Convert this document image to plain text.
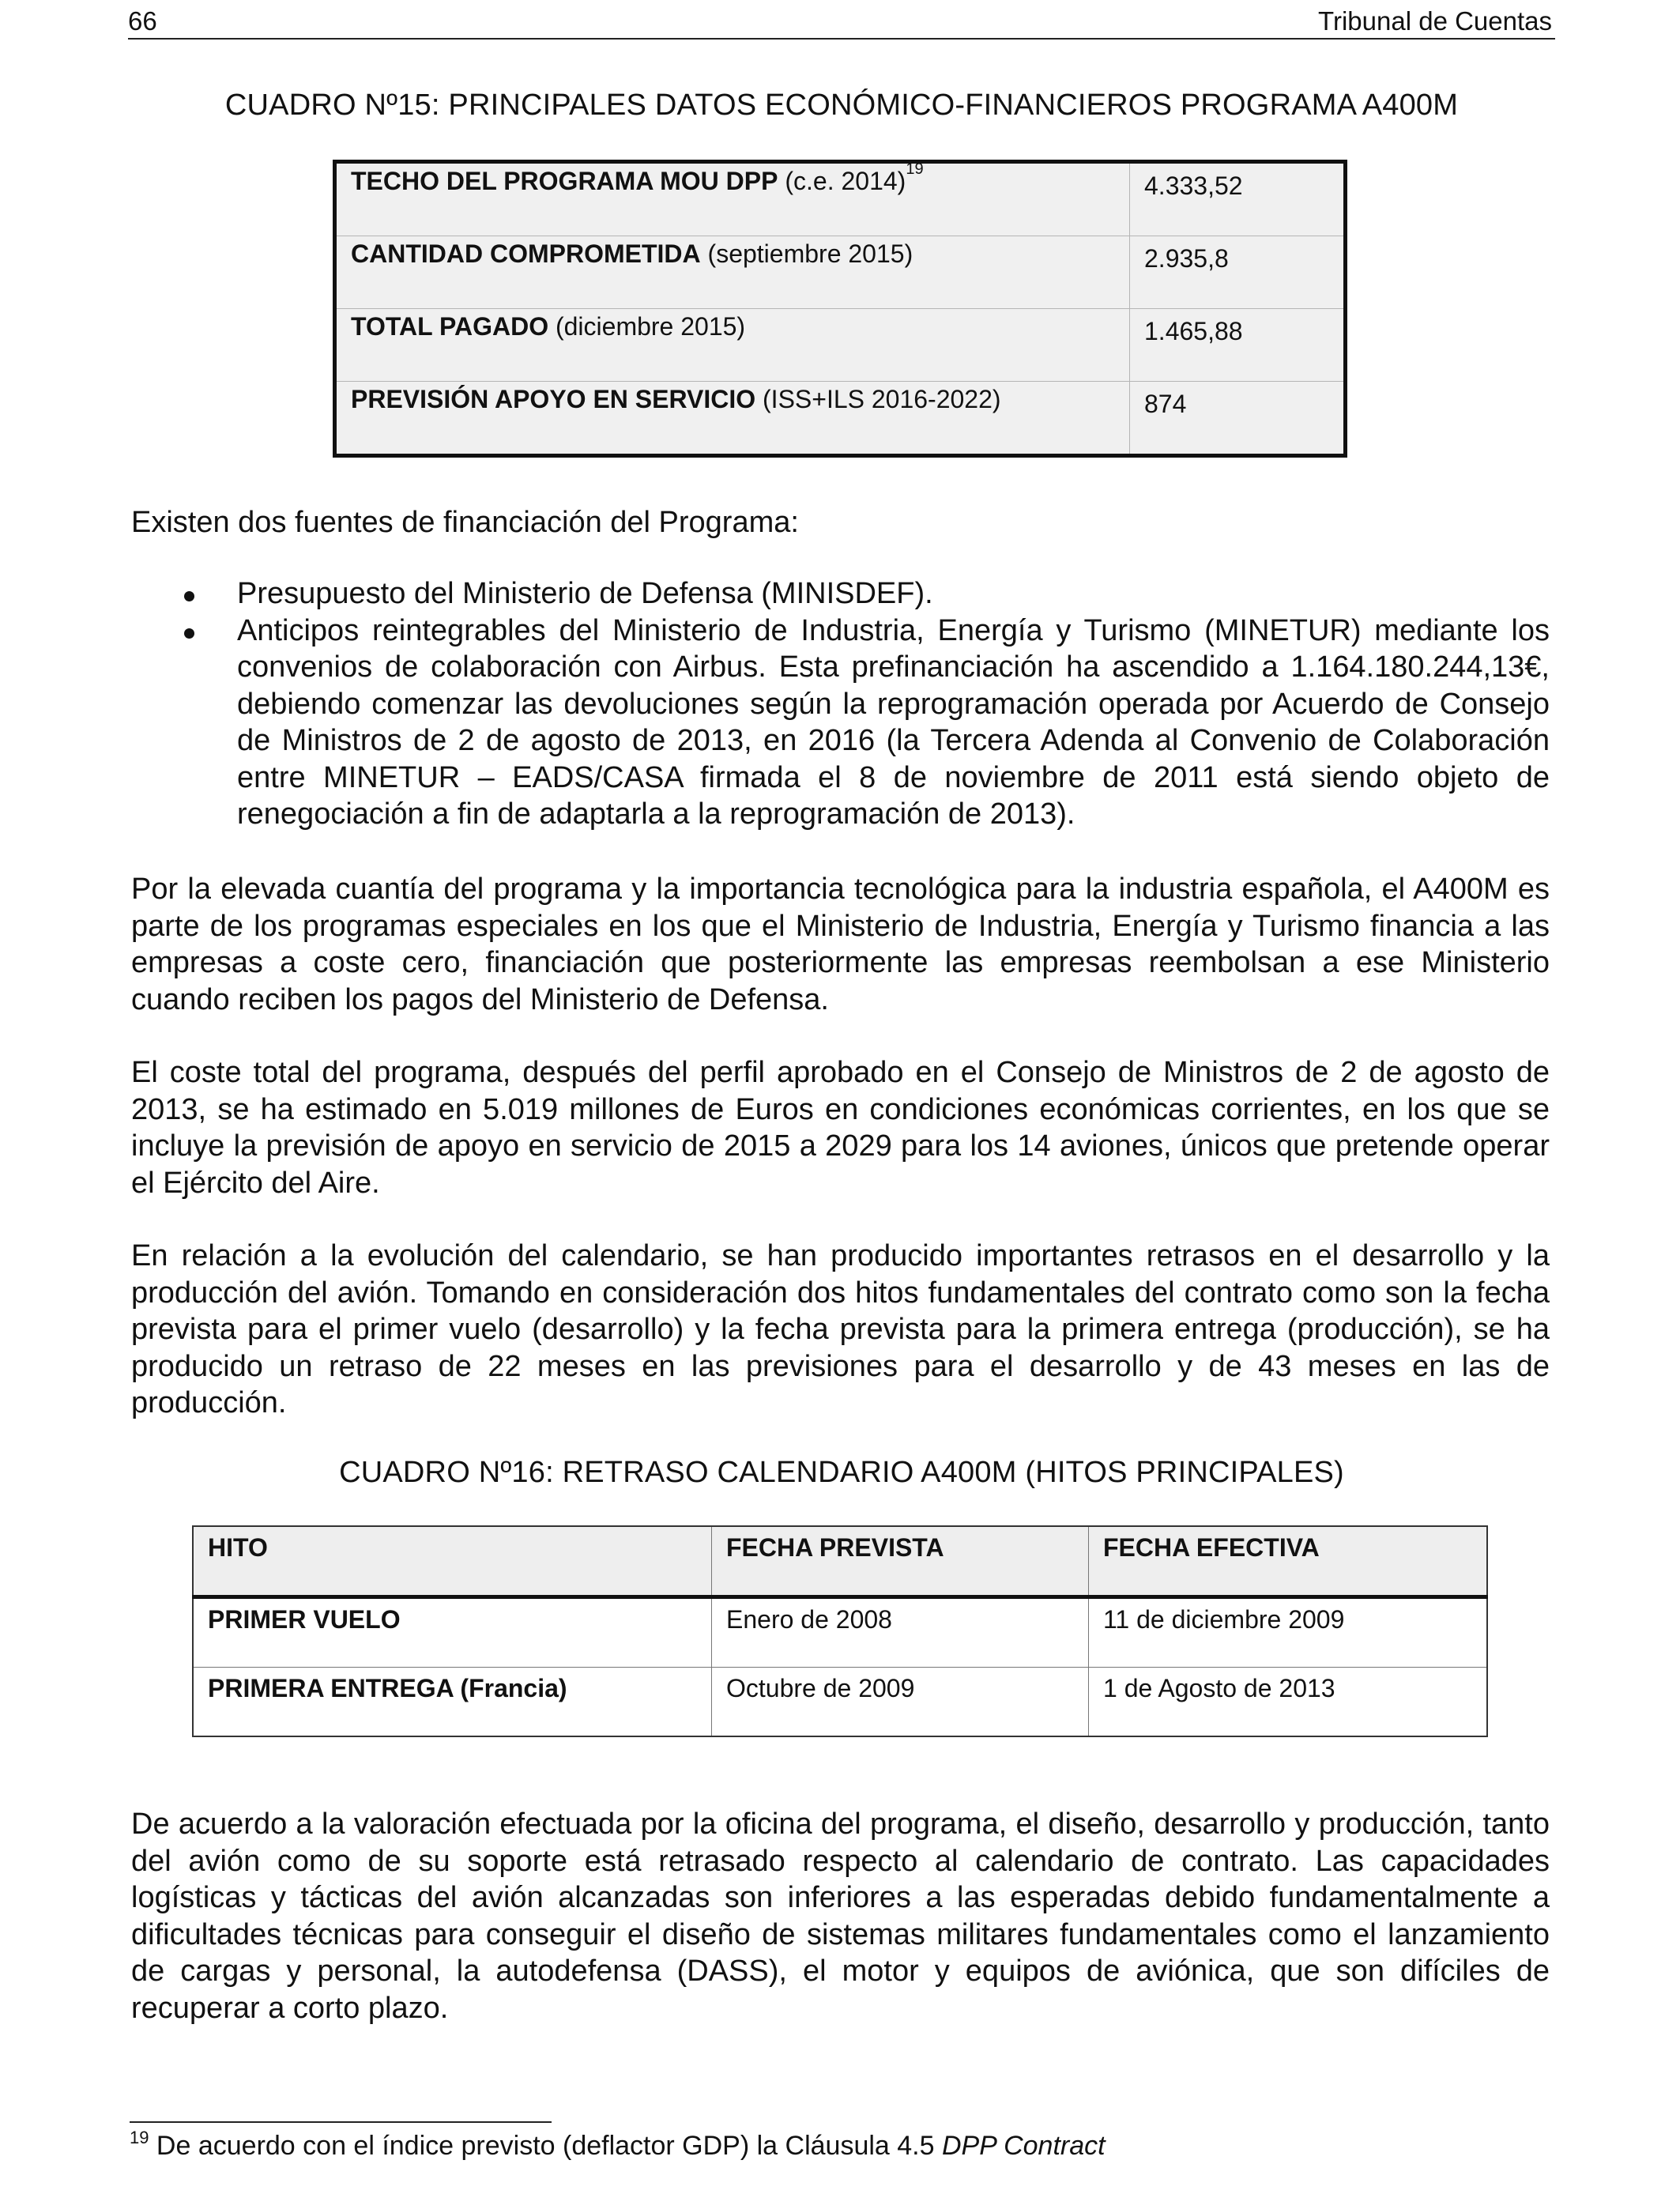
66	Tribunal de Cuentas
CUADRO Nº15: PRINCIPALES DATOS ECONÓMICO-FINANCIEROS PROGRAMA A400M
TECHO DEL PROGRAMA MOU DPP (c.e. 2014)$^{19}$	4.333,52
CANTIDAD COMPROMETIDA (septiembre 2015)	2.935,8
TOTAL PAGADO (diciembre 2015)	1.465,88
PREVISIÓN APOYO EN SERVICIO (ISS+ILS 2016-2022)	874
Existen dos fuentes de financiación del Programa:
Presupuesto del Ministerio de Defensa (MINISDEF).
Anticipos reintegrables del Ministerio de Industria, Energía y Turismo (MINETUR) mediante los convenios de colaboración con Airbus. Esta prefinanciación ha ascendido a 1.164.180.244,13€, debiendo comenzar las devoluciones según la reprogramación operada por Acuerdo de Consejo de Ministros de 2 de agosto de 2013, en 2016 (la Tercera Adenda al Convenio de Colaboración entre MINETUR – EADS/CASA firmada el 8 de noviembre de 2011 está siendo objeto de renegociación a fin de adaptarla a la reprogramación de 2013).
Por la elevada cuantía del programa y la importancia tecnológica para la industria española, el A400M es parte de los programas especiales en los que el Ministerio de Industria, Energía y Turismo financia a las empresas a coste cero, financiación que posteriormente las empresas reembolsan a ese Ministerio cuando reciben los pagos del Ministerio de Defensa.
El coste total del programa, después del perfil aprobado en el Consejo de Ministros de 2 de agosto de 2013, se ha estimado en 5.019 millones de Euros en condiciones económicas corrientes, en los que se incluye la previsión de apoyo en servicio de 2015 a 2029 para los 14 aviones, únicos que pretende operar el Ejército del Aire.
En relación a la evolución del calendario, se han producido importantes retrasos en el desarrollo y la producción del avión. Tomando en consideración dos hitos fundamentales del contrato como son la fecha prevista para el primer vuelo (desarrollo) y la fecha prevista para la primera entrega (producción), se ha producido un retraso de 22 meses en las previsiones para el desarrollo y de 43 meses en las de producción.
CUADRO Nº16: RETRASO CALENDARIO A400M (HITOS PRINCIPALES)
HITO	FECHA PREVISTA	FECHA EFECTIVA
PRIMER VUELO	Enero de 2008	11 de diciembre 2009
PRIMERA ENTREGA (Francia)	Octubre de 2009	1 de Agosto de 2013
De acuerdo a la valoración efectuada por la oficina del programa, el diseño, desarrollo y producción, tanto del avión como de su soporte está retrasado respecto al calendario de contrato. Las capacidades logísticas y tácticas del avión alcanzadas son inferiores a las esperadas debido fundamentalmente a dificultades técnicas para conseguir el diseño de sistemas militares fundamentales como el lanzamiento de cargas y personal, la autodefensa (DASS), el motor y equipos de aviónica, que son difíciles de recuperar a corto plazo.
$^{19}$ De acuerdo con el índice previsto (deflactor GDP) la Cláusula 4.5 DPP Contract
